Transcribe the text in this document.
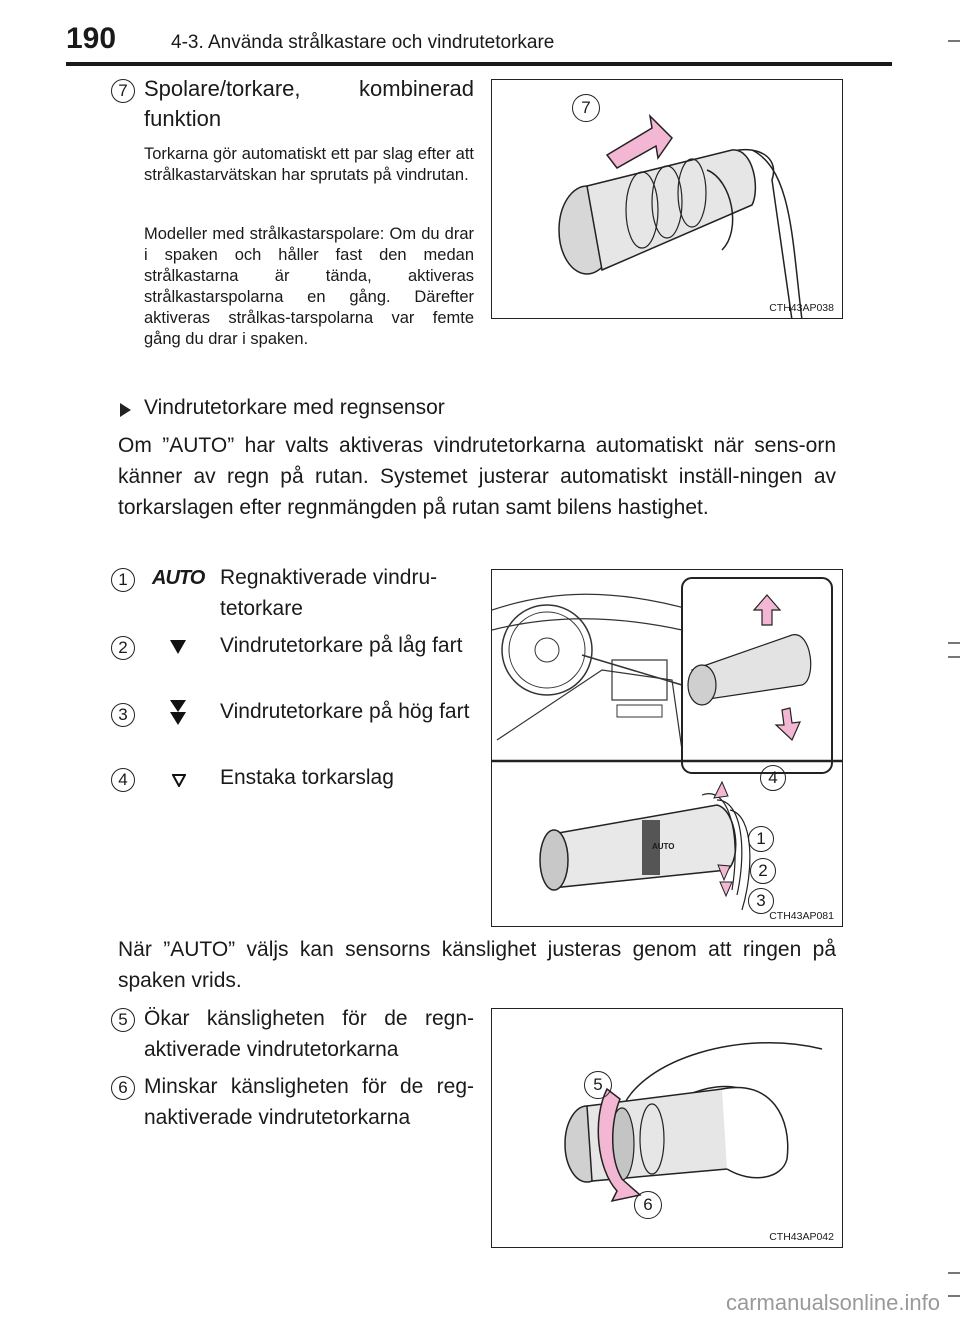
190	4-3. Använda strålkastare och vindrutetorkare
7 Spolare/torkare, kombinerad funktion
Torkarna gör automatiskt ett par slag efter att strålkastarvätskan har sprutats på vindrutan.
Modeller med strålkastarspolare: Om du drar i spaken och håller fast den medan strålkastarna är tända, aktiveras strålkastarspolarna en gång. Därefter aktiveras strålkas-tarspolarna var femte gång du drar i spaken.
7
CTH43AP038
Vindrutetorkare med regnsensor
Om ”AUTO” har valts aktiveras vindrutetorkarna automatiskt när sens-orn känner av regn på rutan. Systemet justerar automatiskt inställ-ningen av torkarslagen efter regnmängden på rutan samt bilens hastighet.
1	AUTO Regnaktiverade vindru-tetorkare
2	Vindrutetorkare på låg fart
3	Vindrutetorkare på hög fart
4	Enstaka torkarslag
AUTO
4
1
2
3
CTH43AP081
När ”AUTO” väljs kan sensorns känslighet justeras genom att ringen på spaken vrids.
5 Ökar känsligheten för de regn-aktiverade vindrutetorkarna
6 Minskar känsligheten för de reg-naktiverade vindrutetorkarna
5
6
CTH43AP042
carmanualsonline.info
